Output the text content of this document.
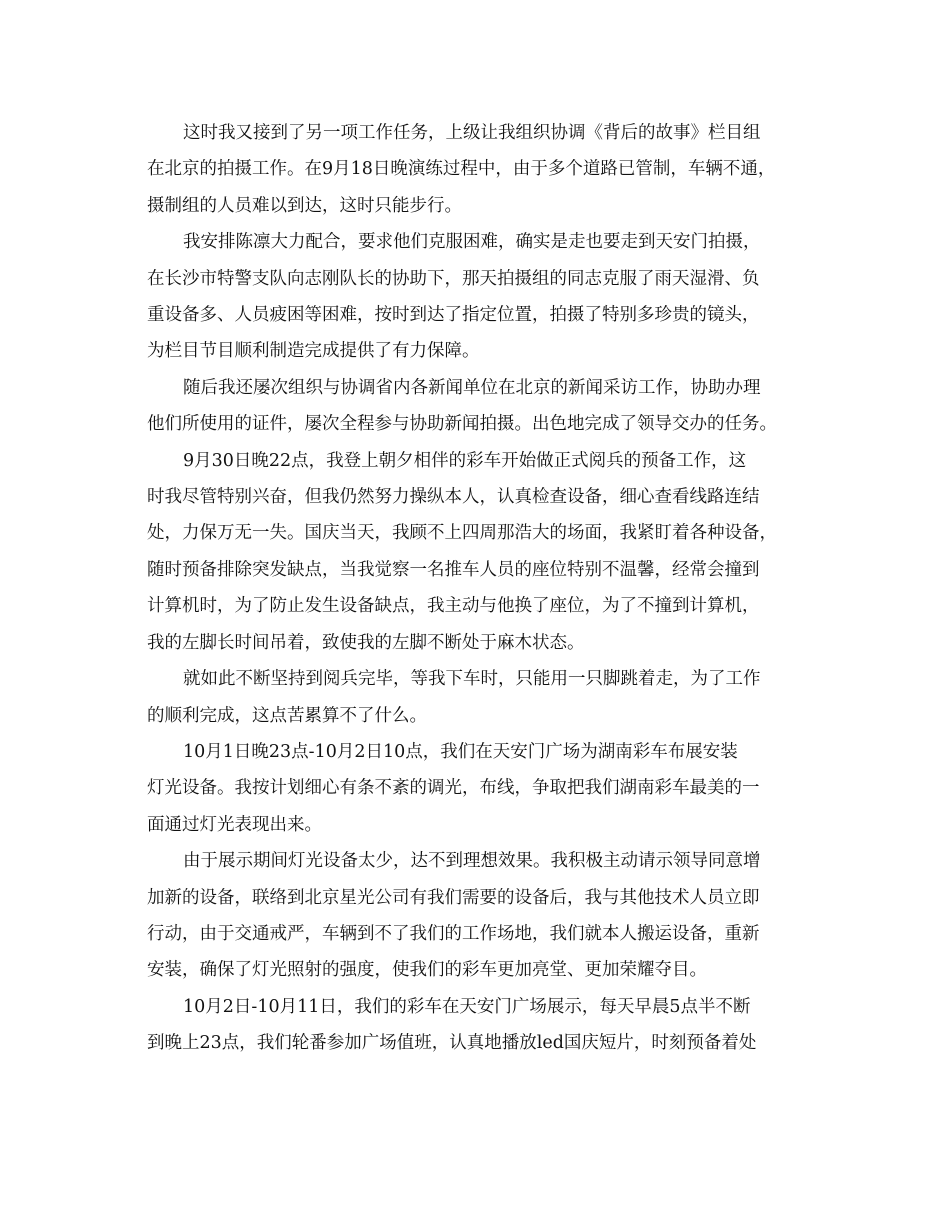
这时我又接到了另一项工作任务，上级让我组织协调《背后的故事》栏目组
在北京的拍摄工作。在9月18日晚演练过程中，由于多个道路已管制，车辆不通，
摄制组的人员难以到达，这时只能步行。
我安排陈凛大力配合，要求他们克服困难，确实是走也要走到天安门拍摄，
在长沙市特警支队向志刚队长的协助下，那天拍摄组的同志克服了雨天湿滑、负
重设备多、人员疲困等困难，按时到达了指定位置，拍摄了特别多珍贵的镜头，
为栏目节目顺利制造完成提供了有力保障。
随后我还屡次组织与协调省内各新闻单位在北京的新闻采访工作，协助办理
他们所使用的证件，屡次全程参与协助新闻拍摄。出色地完成了领导交办的任务。
9月30日晚22点，我登上朝夕相伴的彩车开始做正式阅兵的预备工作，这
时我尽管特别兴奋，但我仍然努力操纵本人，认真检查设备，细心查看线路连结
处，力保万无一失。国庆当天，我顾不上四周那浩大的场面，我紧盯着各种设备，
随时预备排除突发缺点，当我觉察一名推车人员的座位特别不温馨，经常会撞到
计算机时，为了防止发生设备缺点，我主动与他换了座位，为了不撞到计算机，
我的左脚长时间吊着，致使我的左脚不断处于麻木状态。
就如此不断坚持到阅兵完毕，等我下车时，只能用一只脚跳着走，为了工作
的顺利完成，这点苦累算不了什么。
10月1日晚23点-10月2日10点，我们在天安门广场为湖南彩车布展安装
灯光设备。我按计划细心有条不紊的调光，布线，争取把我们湖南彩车最美的一
面通过灯光表现出来。
由于展示期间灯光设备太少，达不到理想效果。我积极主动请示领导同意增
加新的设备，联络到北京星光公司有我们需要的设备后，我与其他技术人员立即
行动，由于交通戒严，车辆到不了我们的工作场地，我们就本人搬运设备，重新
安装，确保了灯光照射的强度，使我们的彩车更加亮堂、更加荣耀夺目。
10月2日-10月11日，我们的彩车在天安门广场展示，每天早晨5点半不断
到晚上23点，我们轮番参加广场值班，认真地播放led国庆短片，时刻预备着处
